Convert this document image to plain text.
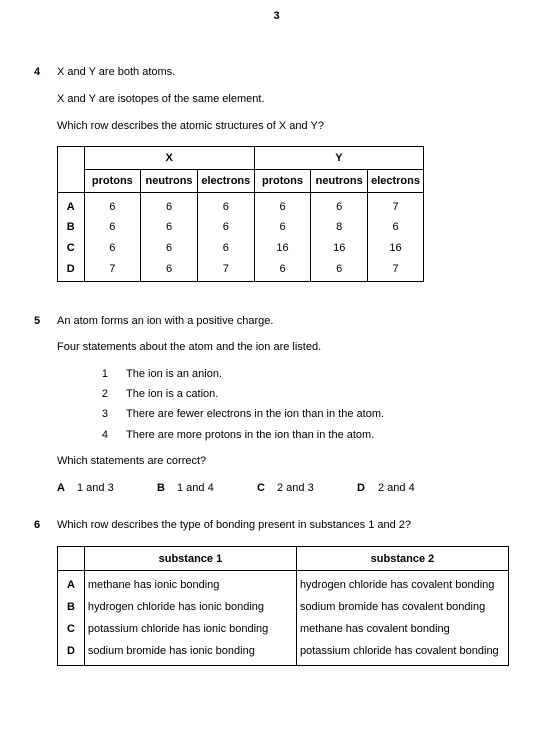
3
4 X and Y are both atoms.
X and Y are isotopes of the same element.
Which row describes the atomic structures of X and Y?
	X			Y		
	protons	neutrons	electrons	protons	neutrons	electrons
A	6	6	6	6	6	7
B	6	6	6	6	8	6
C	6	6	6	16	16	16
D	7	6	7	6	6	7
5 An atom forms an ion with a positive charge.
Four statements about the atom and the ion are listed.
1 The ion is an anion.
2 The ion is a cation.
3 There are fewer electrons in the ion than in the atom.
4 There are more protons in the ion than in the atom.
Which statements are correct?
A 1 and 3	B 1 and 4	C 2 and 3	D 2 and 4
6 Which row describes the type of bonding present in substances 1 and 2?
	substance 1	substance 2
A	methane has ionic bonding	hydrogen chloride has covalent bonding
B	hydrogen chloride has ionic bonding	sodium bromide has covalent bonding
C	potassium chloride has ionic bonding	methane has covalent bonding
D	sodium bromide has ionic bonding	potassium chloride has covalent bonding
